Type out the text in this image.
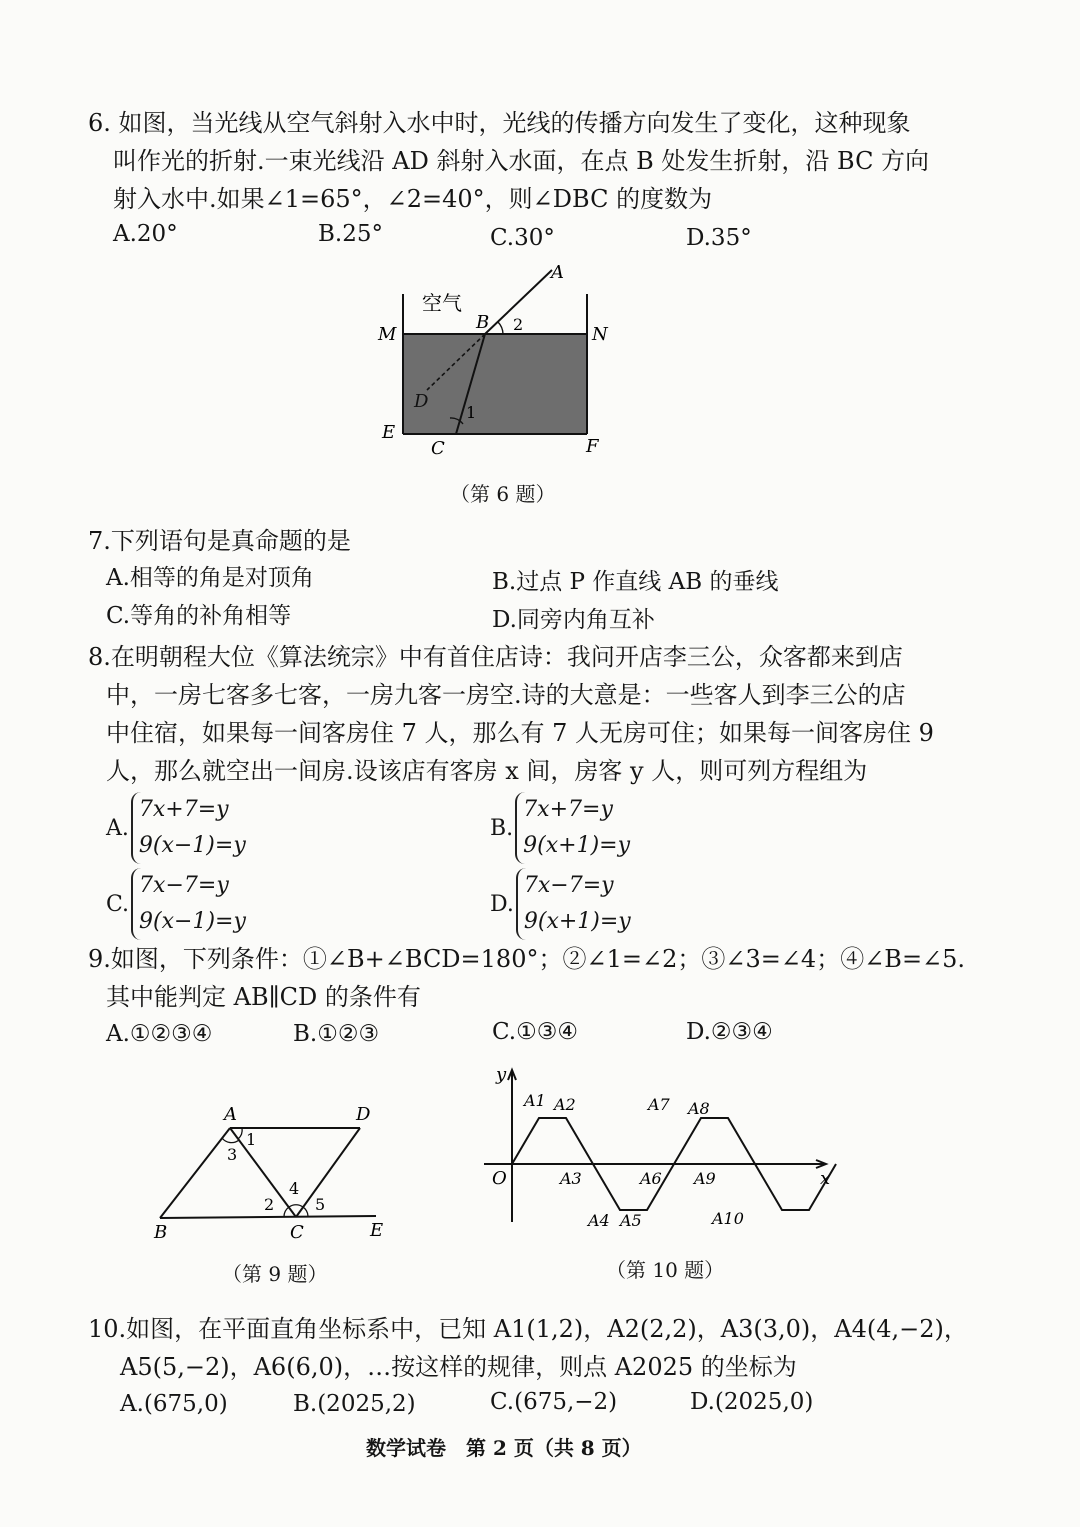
6. 如图，当光线从空气斜射入水中时，光线的传播方向发生了变化，这种现象
叫作光的折射.一束光线沿 AD 斜射入水面，在点 B 处发生折射，沿 BC 方向
射入水中.如果∠1=65°，∠2=40°，则∠DBC 的度数为
A.20°	B.25°	C.30°	D.35°
空气
A
B 2
M	N
D
1
E
C	F
（第 6 题）
7.下列语句是真命题的是
A.相等的角是对顶角	B.过点 P 作直线 AB 的垂线
C.等角的补角相等	D.同旁内角互补
8.在明朝程大位《算法统宗》中有首住店诗：我问开店李三公，众客都来到店
中，一房七客多七客，一房九客一房空.诗的大意是：一些客人到李三公的店
中住宿，如果每一间客房住 7 人，那么有 7 人无房可住；如果每一间客房住 9
人，那么就空出一间房.设该店有客房 x 间，房客 y 人，则可列方程组为
A.
7x+7=y
9(x−1)=y
B.
7x+7=y
9(x+1)=y
C.
7x−7=y
9(x−1)=y
D.
7x−7=y
9(x+1)=y
9.如图，下列条件：①∠B+∠BCD=180°；②∠1=∠2；③∠3=∠4；④∠B=∠5.
其中能判定 AB∥CD 的条件有
A.①②③④	B.①②③	C.①③④	D.②③④
A	D
1
3
2
4
5
B	C	E
（第 9 题）
y
x
O
A1 A2
A3
A4 A5
A6
A7 A8
A9
A10
（第 10 题）
10.如图，在平面直角坐标系中，已知 A1(1,2)，A2(2,2)，A3(3,0)，A4(4,−2)，
A5(5,−2)，A6(6,0)，…按这样的规律，则点 A2025 的坐标为
A.(675,0)	B.(2025,2)	C.(675,−2)	D.(2025,0)
数学试卷　第 2 页（共 8 页）
